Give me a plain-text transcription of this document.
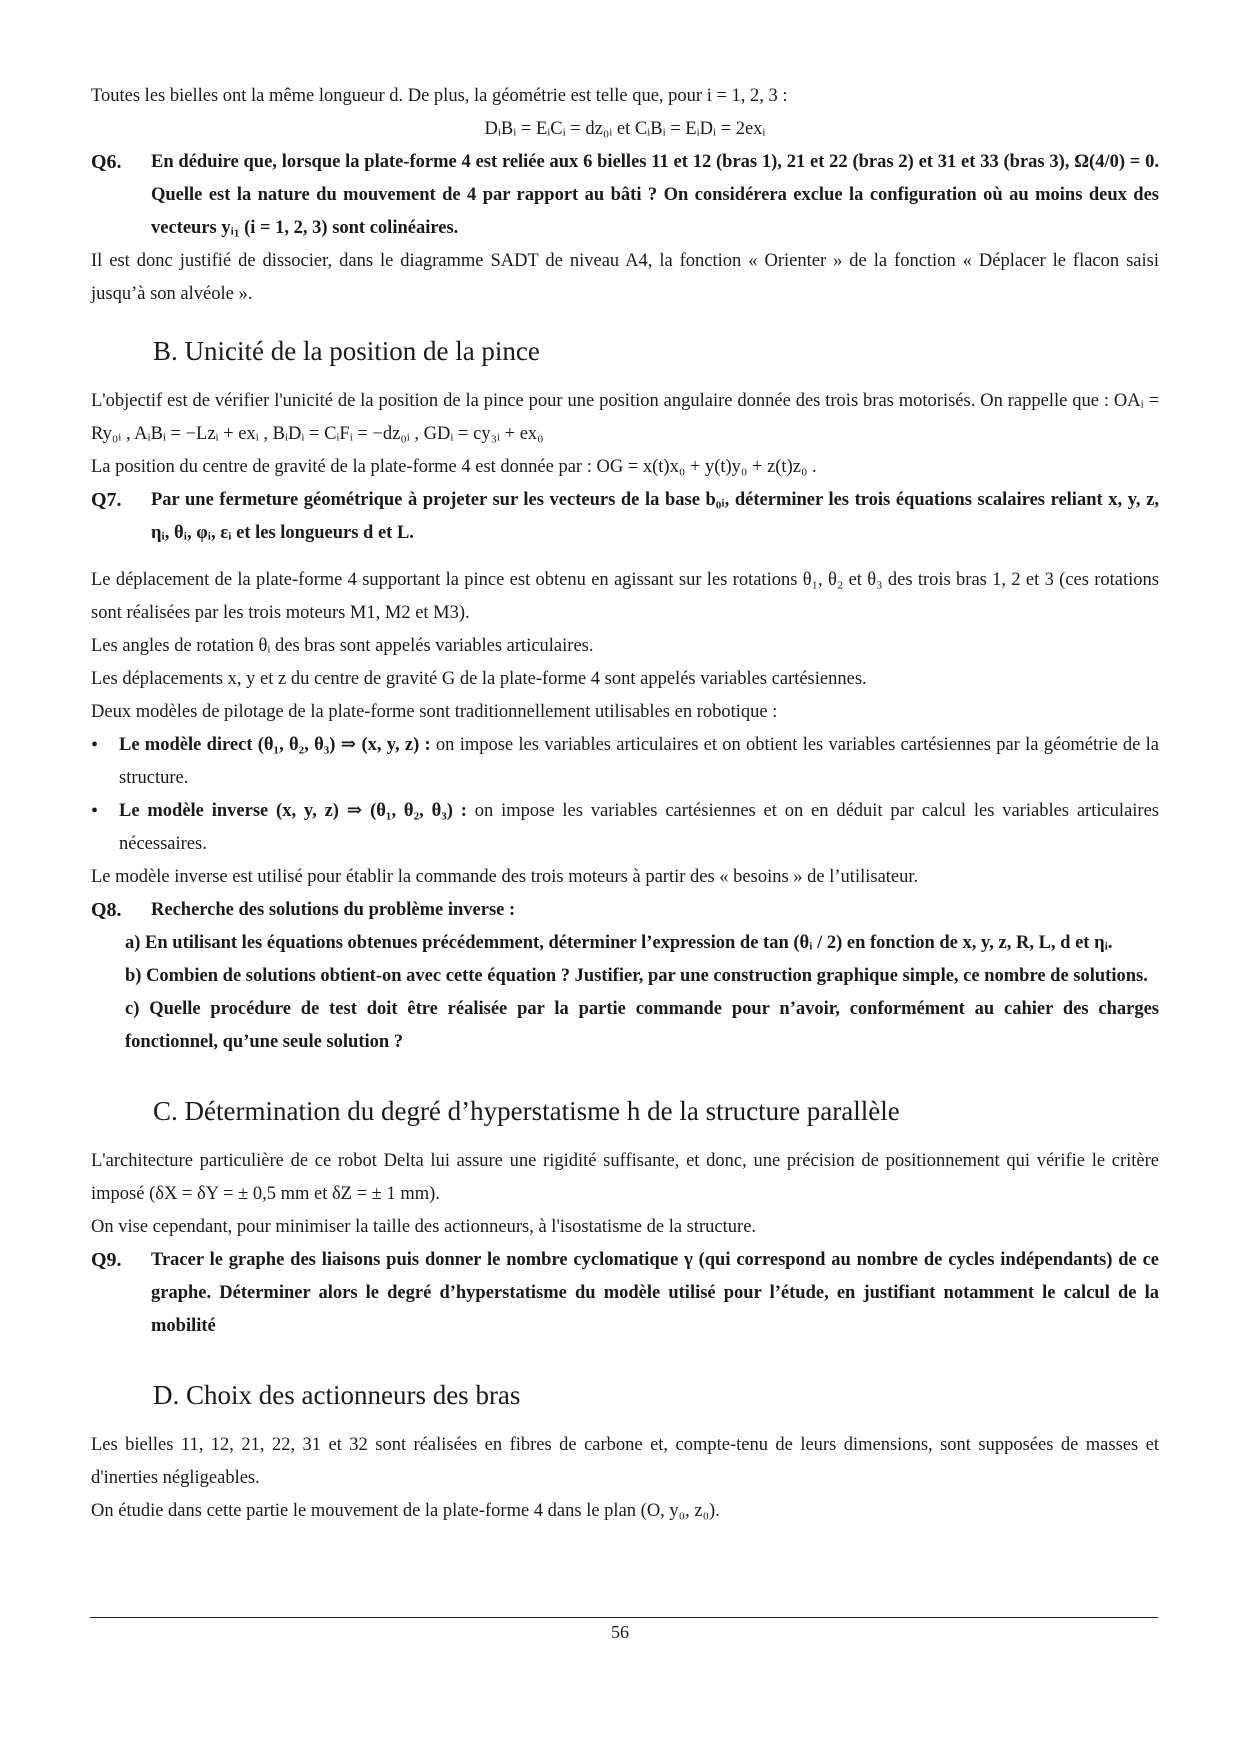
Toutes les bielles ont la même longueur d. De plus, la géométrie est telle que, pour i = 1, 2, 3 :

DᵢBᵢ = EᵢCᵢ = dz₀ᵢ et CᵢBᵢ = EᵢDᵢ = 2exᵢ

Q6.	En déduire que, lorsque la plate-forme 4 est reliée aux 6 bielles 11 et 12 (bras 1), 21 et 22 (bras 2) et 31 et 33 (bras 3), Ω(4/0) = 0. Quelle est la nature du mouvement de 4 par rapport au bâti ? On considérera exclue la configuration où au moins deux des vecteurs yᵢ₁ (i = 1, 2, 3) sont colinéaires.

Il est donc justifié de dissocier, dans le diagramme SADT de niveau A4, la fonction « Orienter » de la fonction « Déplacer le flacon saisi jusqu’à son alvéole ».

B. Unicité de la position de la pince

L'objectif est de vérifier l'unicité de la position de la pince pour une position angulaire donnée des trois bras motorisés. On rappelle que : OAᵢ = Ry₀ᵢ , AᵢBᵢ = −Lzᵢ + exᵢ , BᵢDᵢ = CᵢFᵢ = −dz₀ᵢ , GDᵢ = cy₃ᵢ + ex₀

La position du centre de gravité de la plate-forme 4 est donnée par : OG = x(t)x₀ + y(t)y₀ + z(t)z₀ .

Q7.	Par une fermeture géométrique à projeter sur les vecteurs de la base b₀ᵢ, déterminer les trois équations scalaires reliant x, y, z, ηᵢ, θᵢ, φᵢ, εᵢ et les longueurs d et L.

Le déplacement de la plate-forme 4 supportant la pince est obtenu en agissant sur les rotations θ₁, θ₂ et θ₃ des trois bras 1, 2 et 3 (ces rotations sont réalisées par les trois moteurs M1, M2 et M3).

Les angles de rotation θᵢ des bras sont appelés variables articulaires.

Les déplacements x, y et z du centre de gravité G de la plate-forme 4 sont appelés variables cartésiennes.

Deux modèles de pilotage de la plate-forme sont traditionnellement utilisables en robotique :

• Le modèle direct (θ₁, θ₂, θ₃) ⇒ (x, y, z) : on impose les variables articulaires et on obtient les variables cartésiennes par la géométrie de la structure.
• Le modèle inverse (x, y, z) ⇒ (θ₁, θ₂, θ₃) : on impose les variables cartésiennes et on en déduit par calcul les variables articulaires nécessaires.

Le modèle inverse est utilisé pour établir la commande des trois moteurs à partir des « besoins » de l’utilisateur.

Q8.	Recherche des solutions du problème inverse :

a) En utilisant les équations obtenues précédemment, déterminer l’expression de tan (θᵢ / 2) en fonction de x, y, z, R, L, d et ηᵢ.

b) Combien de solutions obtient-on avec cette équation ? Justifier, par une construction graphique simple, ce nombre de solutions.

c) Quelle procédure de test doit être réalisée par la partie commande pour n’avoir, conformément au cahier des charges fonctionnel, qu’une seule solution ?

C. Détermination du degré d’hyperstatisme h de la structure parallèle

L'architecture particulière de ce robot Delta lui assure une rigidité suffisante, et donc, une précision de positionnement qui vérifie le critère imposé (δX = δY = ± 0,5 mm et δZ = ± 1 mm).

On vise cependant, pour minimiser la taille des actionneurs, à l'isostatisme de la structure.

Q9.	Tracer le graphe des liaisons puis donner le nombre cyclomatique γ (qui correspond au nombre de cycles indépendants) de ce graphe. Déterminer alors le degré d’hyperstatisme du modèle utilisé pour l’étude, en justifiant notamment le calcul de la mobilité
D. Choix des actionneurs des bras

Les bielles 11, 12, 21, 22, 31 et 32 sont réalisées en fibres de carbone et, compte-tenu de leurs dimensions, sont supposées de masses et d'inerties négligeables.

On étudie dans cette partie le mouvement de la plate-forme 4 dans le plan (O, y₀, z₀).

56
